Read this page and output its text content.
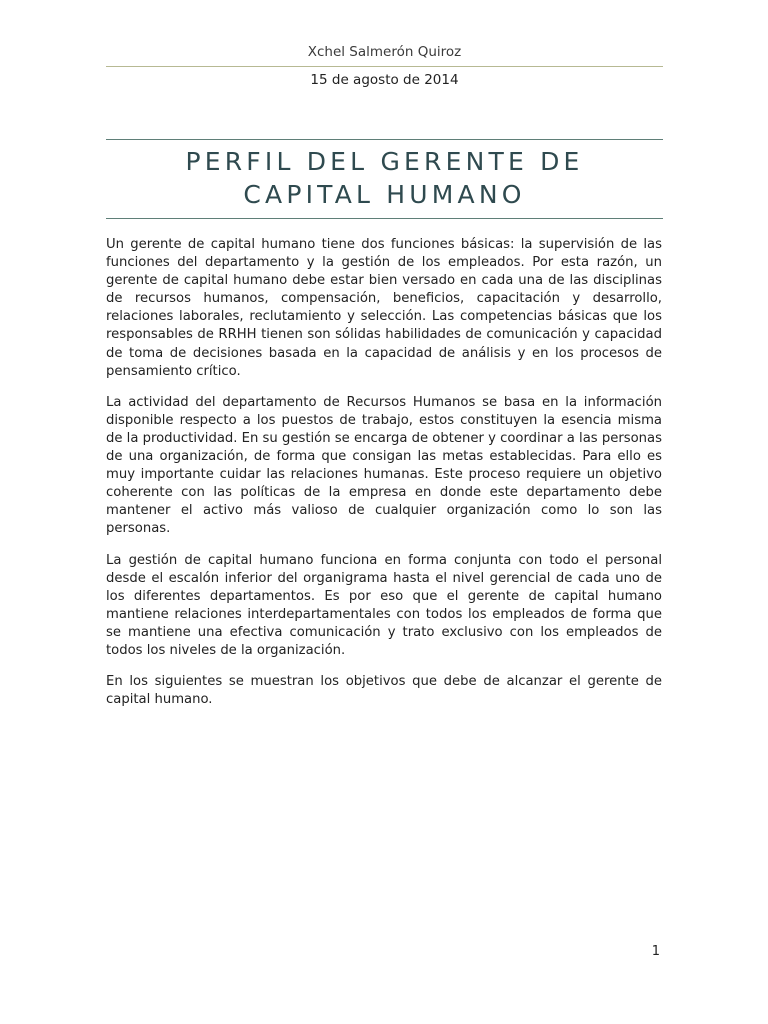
Xchel Salmerón Quiroz
15 de agosto de 2014
PERFIL DEL GERENTE DE
CAPITAL HUMANO

Un gerente de capital humano tiene dos funciones básicas: la supervisión de las funciones del departamento y la gestión de los empleados. Por esta razón, un gerente de capital humano debe estar bien versado en cada una de las disciplinas de recursos humanos, compensación, beneficios, capacitación y desarrollo, relaciones laborales, reclutamiento y selección. Las competencias básicas que los responsables de RRHH tienen son sólidas habilidades de comunicación y capacidad de toma de decisiones basada en la capacidad de análisis y en los procesos de pensamiento crítico.

La actividad del departamento de Recursos Humanos se basa en la información disponible respecto a los puestos de trabajo, estos constituyen la esencia misma de la productividad. En su gestión se encarga de obtener y coordinar a las personas de una organización, de forma que consigan las metas establecidas. Para ello es muy importante cuidar las relaciones humanas. Este proceso requiere un objetivo coherente con las políticas de la empresa en donde este departamento debe mantener el activo más valioso de cualquier organización como lo son las personas.

La gestión de capital humano funciona en forma conjunta con todo el personal desde el escalón inferior del organigrama hasta el nivel gerencial de cada uno de los diferentes departamentos. Es por eso que el gerente de capital humano mantiene relaciones interdepartamentales con todos los empleados de forma que se mantiene una efectiva comunicación y trato exclusivo con los empleados de todos los niveles de la organización.

En los siguientes se muestran los objetivos que debe de alcanzar el gerente de capital humano.

1
